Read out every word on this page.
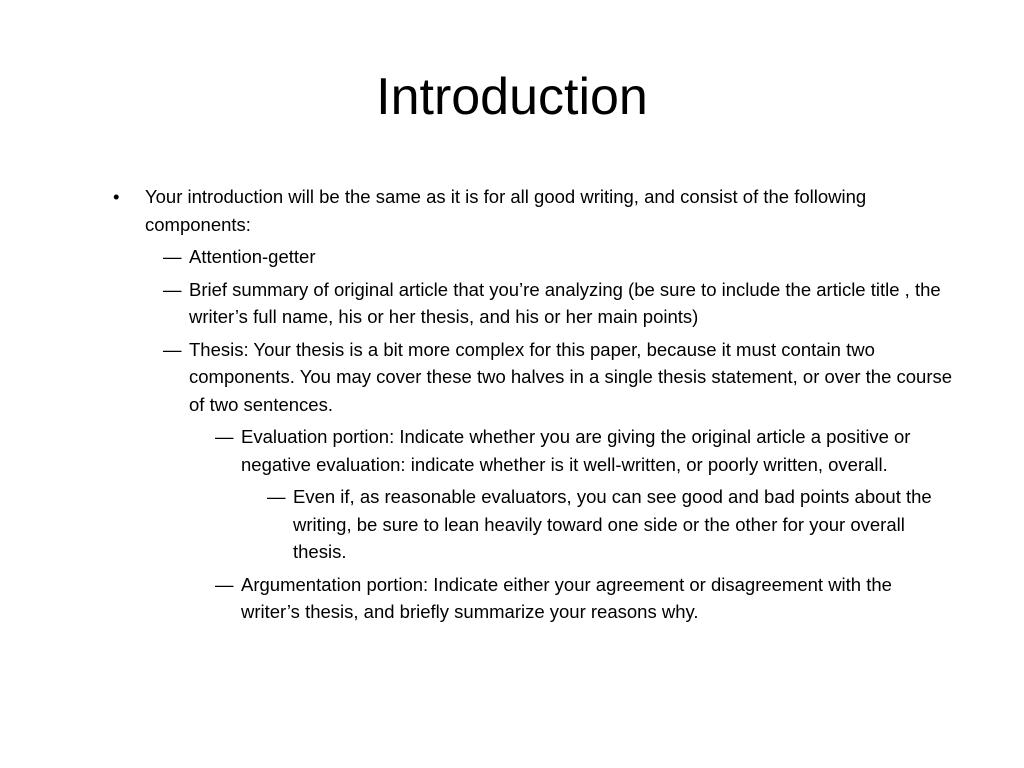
Introduction
• Your introduction will be the same as it is for all good writing, and consist of the following components:
— Attention-getter
— Brief summary of original article that you’re analyzing (be sure to include the article title , the writer’s full name, his or her thesis, and his or her main points)
— Thesis: Your thesis is a bit more complex for this paper, because it must contain two components. You may cover these two halves in a single thesis statement, or over the course of two sentences.
— Evaluation portion: Indicate whether you are giving the original article a positive or negative evaluation: indicate whether is it well-written, or poorly written, overall.
— Even if, as reasonable evaluators, you can see good and bad points about the writing, be sure to lean heavily toward one side or the other for your overall thesis.
— Argumentation portion: Indicate either your agreement or disagreement with the writer’s thesis, and briefly summarize your reasons why.
